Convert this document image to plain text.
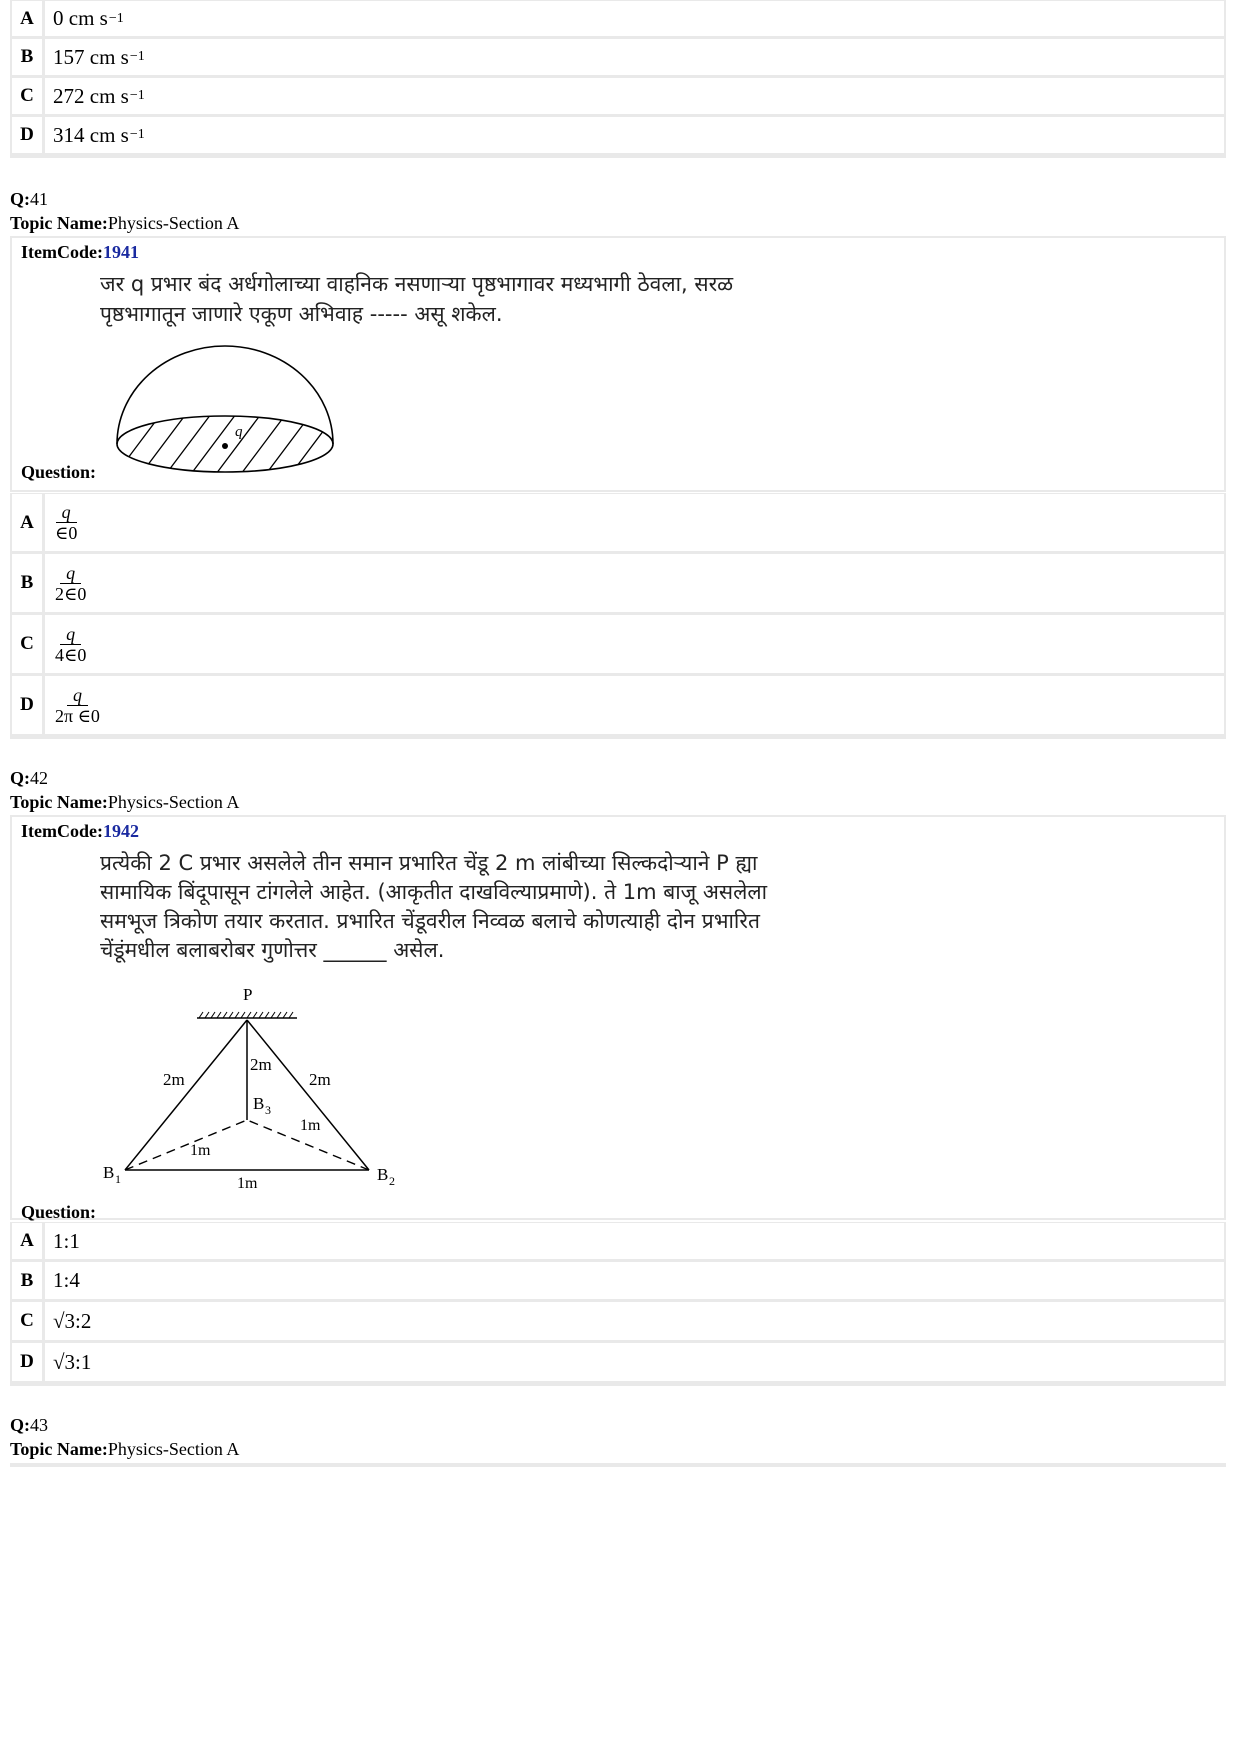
A 0 cm s −1
B 157 cm s −1
C 272 cm s −1
D 314 cm s −1
Q:41
Topic Name:Physics-Section A
ItemCode:1941
जर q प्रभार बंद अर्धगोलाच्या वाहनिक नसणाऱ्या पृष्ठभागावर मध्यभागी ठेवला, सरळ
पृष्ठभागातून जाणारे एकूण अभिवाह ----- असू शकेल.
q
Question:
A	$\frac{q}{\in 0}$
B	$\frac{q}{2\in 0}$
C	$\frac{q}{4\in 0}$
D	$\frac{q}{2\pi \in 0}$
Q:42
Topic Name:Physics-Section A
ItemCode:1942
प्रत्येकी 2 C प्रभार असलेले तीन समान प्रभारित चेंडू 2 m लांबीच्या सिल्कदोऱ्याने P ह्या
सामायिक बिंदूपासून टांगलेले आहेत. (आकृतीत दाखविल्याप्रमाणे). ते 1m बाजू असलेला
समभूज त्रिकोण तयार करतात. प्रभारित चेंडूवरील निव्वळ बलाचे कोणत्याही दोन प्रभारित
चेंडूंमधील बलाबरोबर गुणोत्तर ______ असेल.
P
2m
2m
2m
B 3
1m
1m
B 1	B 2
1m
Question:
A 1:1
B 1:4
C √3:2
D √3:1
Q:43
Topic Name:Physics-Section A
